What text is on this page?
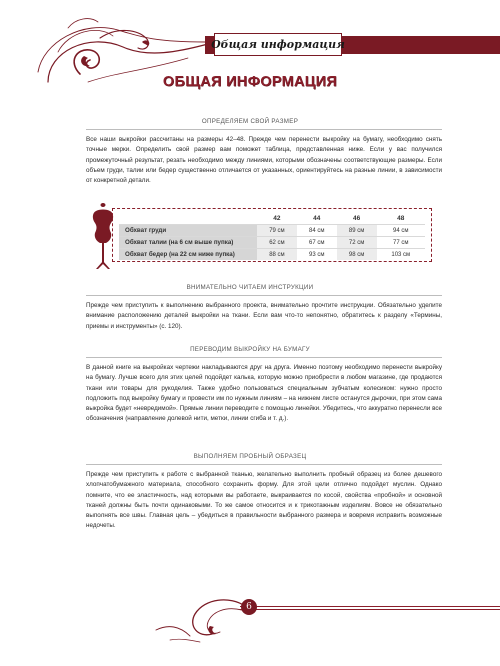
Общая информация
ОБЩАЯ ИНФОРМАЦИЯ
ОПРЕДЕЛЯЕМ СВОЙ РАЗМЕР
Все наши выкройки рассчитаны на размеры 42–48. Прежде чем перенести выкройку на бумагу, необходимо снять точные мерки. Определить свой размер вам поможет таблица, представленная ниже. Если у вас получился промежуточный результат, резать необходимо между линиями, которыми обозначены соответствующие размеры. Если объем груди, талии или бедер существенно отличается от указанных, ориентируйтесь на разные линии, в зависимости от конкретной детали.
	42	44	46	48
Обхват груди	79 см	84 см	89 см	94 см
Обхват талии (на 6 см выше пупка)	62 см	67 см	72 см	77 см
Обхват бедер (на 22 см ниже пупка)	88 см	93 см	98 см	103 см
ВНИМАТЕЛЬНО ЧИТАЕМ ИНСТРУКЦИИ
Прежде чем приступить к выполнению выбранного проекта, внимательно прочтите инструкции. Обязательно уделите внимание расположению деталей выкройки на ткани. Если вам что-то непонятно, обратитесь к разделу «Термины, приемы и инструменты» (с. 120).
ПЕРЕВОДИМ ВЫКРОЙКУ НА БУМАГУ
В данной книге на выкройках чертежи накладываются друг на друга. Именно поэтому необходимо перенести выкройку на бумагу. Лучше всего для этих целей подойдет калька, которую можно приобрести в любом магазине, где продаются ткани или товары для рукоделия. Также удобно пользоваться специальным зубчатым колесиком: нужно просто подложить под выкройку бумагу и провести им по нужным линиям – на нижнем листе останутся дырочки, при этом сама выкройка будет «невредимой». Прямые линии переводите с помощью линейки. Убедитесь, что аккуратно перенесли все обозначения (направление долевой нити, метки, линии сгиба и т. д.).
ВЫПОЛНЯЕМ ПРОБНЫЙ ОБРАЗЕЦ
Прежде чем приступить к работе с выбранной тканью, желательно выполнить пробный образец из более дешевого хлопчатобумажного материала, способного сохранить форму. Для этой цели отлично подойдет муслин. Однако помните, что ее эластичность, над которыми вы работаете, выкраивается по косой, свойства «пробной» и основной тканей должны быть почти одинаковыми. То же самое относится и к трикотажным изделиям. Вовсе не обязательно выполнять все швы. Главная цель – убедиться в правильности выбранного размера и вовремя исправить возможные недочеты.
6
